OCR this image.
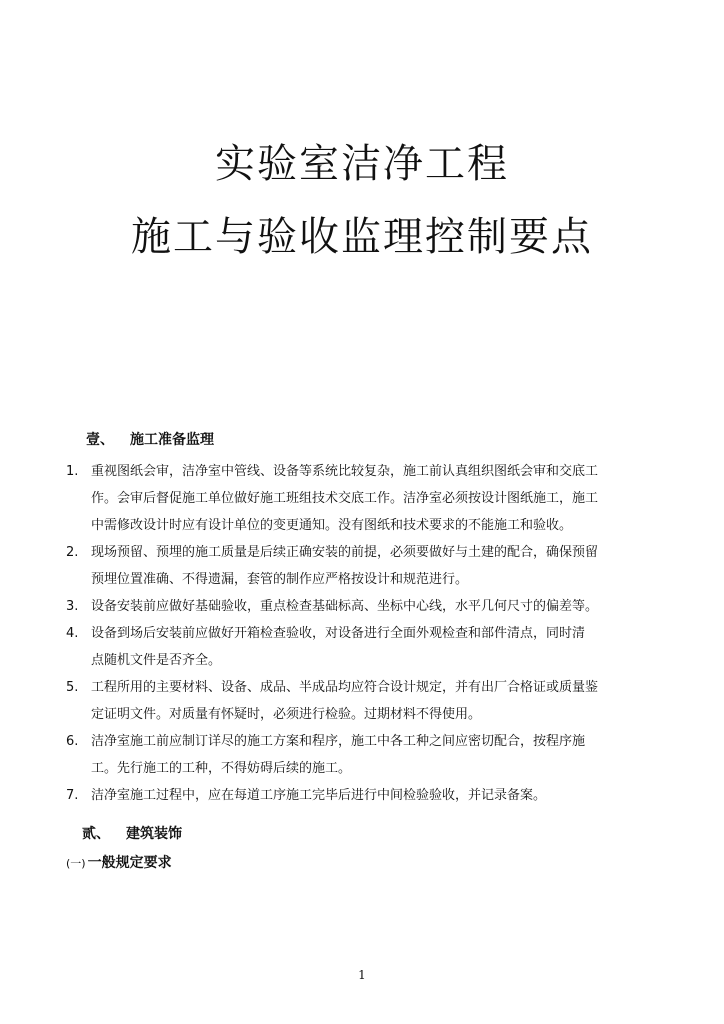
实验室洁净工程
施工与验收监理控制要点
壹、 施工准备监理
1. 重视图纸会审，洁净室中管线、设备等系统比较复杂，施工前认真组织图纸会审和交底工
作。会审后督促施工单位做好施工班组技术交底工作。洁净室必须按设计图纸施工，施工
中需修改设计时应有设计单位的变更通知。没有图纸和技术要求的不能施工和验收。
2. 现场预留、预埋的施工质量是后续正确安装的前提，必须要做好与土建的配合，确保预留
预埋位置准确、不得遗漏，套管的制作应严格按设计和规范进行。
3. 设备安装前应做好基础验收，重点检查基础标高、坐标中心线，水平几何尺寸的偏差等。
4. 设备到场后安装前应做好开箱检查验收，对设备进行全面外观检查和部件清点，同时清
点随机文件是否齐全。
5. 工程所用的主要材料、设备、成品、半成品均应符合设计规定，并有出厂合格证或质量鉴
定证明文件。对质量有怀疑时，必须进行检验。过期材料不得使用。
6. 洁净室施工前应制订详尽的施工方案和程序，施工中各工种之间应密切配合，按程序施
工。先行施工的工种，不得妨碍后续的施工。
7. 洁净室施工过程中，应在每道工序施工完毕后进行中间检验验收，并记录备案。
贰、 建筑装饰
(一) 一般规定要求
1
